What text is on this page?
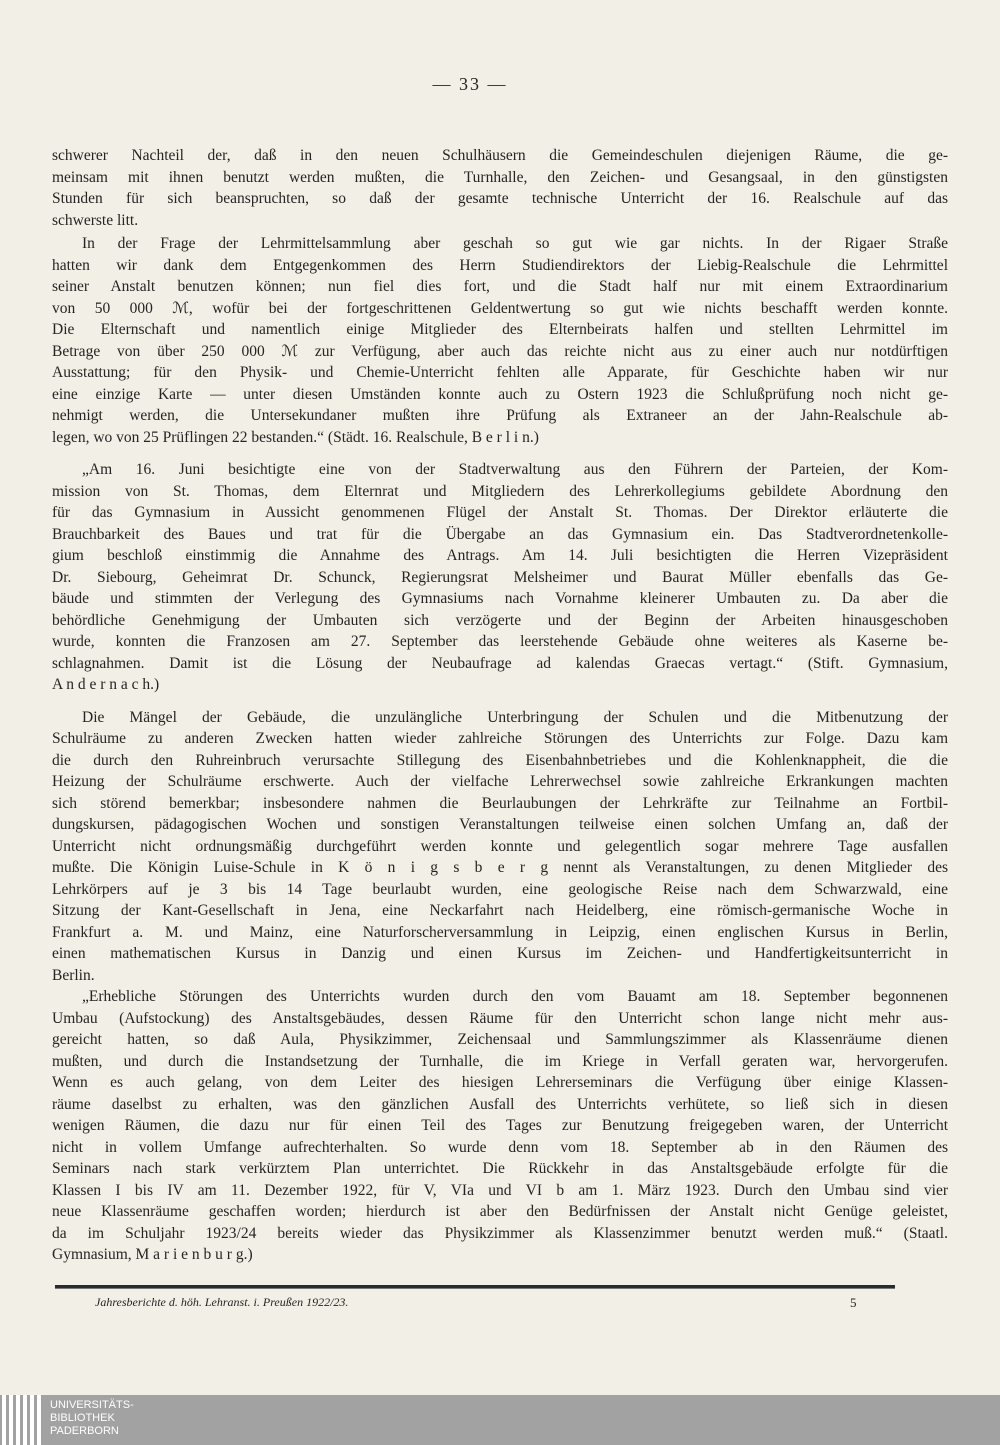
— 33 —
schwerer Nachteil der, daß in den neuen Schulhäusern die Gemeindeschulen diejenigen Räume, die ge-
meinsam mit ihnen benutzt werden mußten, die Turnhalle, den Zeichen- und Gesangsaal, in den günstigsten
Stunden für sich beanspruchten, so daß der gesamte technische Unterricht der 16. Realschule auf das
schwerste litt.
In der Frage der Lehrmittelsammlung aber geschah so gut wie gar nichts. In der Rigaer Straße
hatten wir dank dem Entgegenkommen des Herrn Studiendirektors der Liebig-Realschule die Lehrmittel
seiner Anstalt benutzen können; nun fiel dies fort, und die Stadt half nur mit einem Extraordinarium
von 50 000 ℳ, wofür bei der fortgeschrittenen Geldentwertung so gut wie nichts beschafft werden konnte.
Die Elternschaft und namentlich einige Mitglieder des Elternbeirats halfen und stellten Lehrmittel im
Betrage von über 250 000 ℳ zur Verfügung, aber auch das reichte nicht aus zu einer auch nur notdürftigen
Ausstattung; für den Physik- und Chemie-Unterricht fehlten alle Apparate, für Geschichte haben wir nur
eine einzige Karte — unter diesen Umständen konnte auch zu Ostern 1923 die Schlußprüfung noch nicht ge-
nehmigt werden, die Untersekundaner mußten ihre Prüfung als Extraneer an der Jahn-Realschule ab-
legen, wo von 25 Prüflingen 22 bestanden.“ (Städt. 16. Realschule, B e r l i n.)
„Am 16. Juni besichtigte eine von der Stadtverwaltung aus den Führern der Parteien, der Kom-
mission von St. Thomas, dem Elternrat und Mitgliedern des Lehrerkollegiums gebildete Abordnung den
für das Gymnasium in Aussicht genommenen Flügel der Anstalt St. Thomas. Der Direktor erläuterte die
Brauchbarkeit des Baues und trat für die Übergabe an das Gymnasium ein. Das Stadtverordnetenkolle-
gium beschloß einstimmig die Annahme des Antrags. Am 14. Juli besichtigten die Herren Vizepräsident
Dr. Siebourg, Geheimrat Dr. Schunck, Regierungsrat Melsheimer und Baurat Müller ebenfalls das Ge-
bäude und stimmten der Verlegung des Gymnasiums nach Vornahme kleinerer Umbauten zu. Da aber die
behördliche Genehmigung der Umbauten sich verzögerte und der Beginn der Arbeiten hinausgeschoben
wurde, konnten die Franzosen am 27. September das leerstehende Gebäude ohne weiteres als Kaserne be-
schlagnahmen. Damit ist die Lösung der Neubaufrage ad kalendas Graecas vertagt.“ (Stift. Gymnasium,
A n d e r n a c h.)
Die Mängel der Gebäude, die unzulängliche Unterbringung der Schulen und die Mitbenutzung der
Schulräume zu anderen Zwecken hatten wieder zahlreiche Störungen des Unterrichts zur Folge. Dazu kam
die durch den Ruhreinbruch verursachte Stillegung des Eisenbahnbetriebes und die Kohlenknappheit, die die
Heizung der Schulräume erschwerte. Auch der vielfache Lehrerwechsel sowie zahlreiche Erkrankungen machten
sich störend bemerkbar; insbesondere nahmen die Beurlaubungen der Lehrkräfte zur Teilnahme an Fortbil-
dungskursen, pädagogischen Wochen und sonstigen Veranstaltungen teilweise einen solchen Umfang an, daß der
Unterricht nicht ordnungsmäßig durchgeführt werden konnte und gelegentlich sogar mehrere Tage ausfallen
mußte. Die Königin Luise-Schule in K ö n i g s b e r g nennt als Veranstaltungen, zu denen Mitglieder des
Lehrkörpers auf je 3 bis 14 Tage beurlaubt wurden, eine geologische Reise nach dem Schwarzwald, eine
Sitzung der Kant-Gesellschaft in Jena, eine Neckarfahrt nach Heidelberg, eine römisch-germanische Woche in
Frankfurt a. M. und Mainz, eine Naturforscherversammlung in Leipzig, einen englischen Kursus in Berlin,
einen mathematischen Kursus in Danzig und einen Kursus im Zeichen- und Handfertigkeitsunterricht in
Berlin.
„Erhebliche Störungen des Unterrichts wurden durch den vom Bauamt am 18. September begonnenen
Umbau (Aufstockung) des Anstaltsgebäudes, dessen Räume für den Unterricht schon lange nicht mehr aus-
gereicht hatten, so daß Aula, Physikzimmer, Zeichensaal und Sammlungszimmer als Klassenräume dienen
mußten, und durch die Instandsetzung der Turnhalle, die im Kriege in Verfall geraten war, hervorgerufen.
Wenn es auch gelang, von dem Leiter des hiesigen Lehrerseminars die Verfügung über einige Klassen-
räume daselbst zu erhalten, was den gänzlichen Ausfall des Unterrichts verhütete, so ließ sich in diesen
wenigen Räumen, die dazu nur für einen Teil des Tages zur Benutzung freigegeben waren, der Unterricht
nicht in vollem Umfange aufrechterhalten. So wurde denn vom 18. September ab in den Räumen des
Seminars nach stark verkürztem Plan unterrichtet. Die Rückkehr in das Anstaltsgebäude erfolgte für die
Klassen I bis IV am 11. Dezember 1922, für V, VIa und VI b am 1. März 1923. Durch den Umbau sind vier
neue Klassenräume geschaffen worden; hierdurch ist aber den Bedürfnissen der Anstalt nicht Genüge geleistet,
da im Schuljahr 1923/24 bereits wieder das Physikzimmer als Klassenzimmer benutzt werden muß.“ (Staatl.
Gymnasium, M a r i e n b u r g.)
Jahresberichte d. höh. Lehranst. i. Preußen 1922/23.	5
UNIVERSITÄTS-
BIBLIOTHEK
PADERBORN
